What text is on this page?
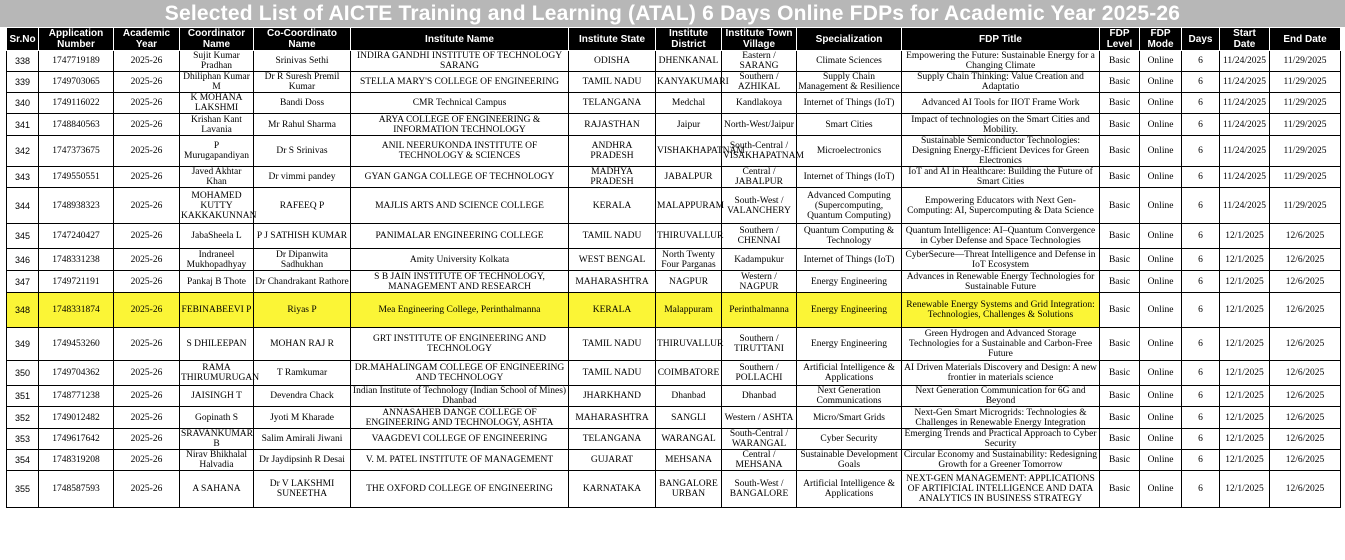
Selected List of AICTE Training and Learning (ATAL) 6 Days Online FDPs for Academic Year 2025-26
Sr.No	Application Number	Academic Year	Coordinator Name	Co-Coordinato Name	Institute Name	Institute State	Institute District	Institute Town Village	Specialization	FDP Title	FDP Level	FDP Mode	Days	Start Date	End Date
338	1747719189	2025-26	Sujit Kumar Pradhan	Srinivas Sethi	INDIRA GANDHI INSTITUTE OF TECHNOLOGY SARANG	ODISHA	DHENKANAL	Eastern / SARANG	Climate Sciences	Empowering the Future: Sustainable Energy for a Changing Climate	Basic	Online	6	11/24/2025	11/29/2025
339	1749703065	2025-26	Dhiliphan Kumar M	Dr R Suresh Premil Kumar	STELLA MARY'S COLLEGE OF ENGINEERING	TAMIL NADU	KANYAKUMARI	Southern / AZHIKAL	Supply Chain Management & Resilience	Supply Chain Thinking: Value Creation and Adaptatio	Basic	Online	6	11/24/2025	11/29/2025
340	1749116022	2025-26	K MOHANA LAKSHMI	Bandi Doss	CMR Technical Campus	TELANGANA	Medchal	Kandlakoya	Internet of Things (IoT)	Advanced AI Tools for IIOT Frame Work	Basic	Online	6	11/24/2025	11/29/2025
341	1748840563	2025-26	Krishan Kant Lavania	Mr Rahul Sharma	ARYA COLLEGE OF ENGINEERING & INFORMATION TECHNOLOGY	RAJASTHAN	Jaipur	North-West/Jaipur	Smart Cities	Impact of technologies on the Smart Cities and Mobility.	Basic	Online	6	11/24/2025	11/29/2025
342	1747373675	2025-26	P Murugapandiyan	Dr S Srinivas	ANIL NEERUKONDA INSTITUTE OF TECHNOLOGY & SCIENCES	ANDHRA PRADESH	VISHAKHAPATNAM	South-Central / VISAKHAPATNAM	Microelectronics	Sustainable Semiconductor Technologies: Designing Energy-Efficient Devices for Green Electronics	Basic	Online	6	11/24/2025	11/29/2025
343	1749550551	2025-26	Javed Akhtar Khan	Dr vimmi pandey	GYAN GANGA COLLEGE OF TECHNOLOGY	MADHYA PRADESH	JABALPUR	Central / JABALPUR	Internet of Things (IoT)	IoT and AI in Healthcare: Building the Future of Smart Cities	Basic	Online	6	11/24/2025	11/29/2025
344	1748938323	2025-26	MOHAMED KUTTY KAKKAKUNNAN	RAFEEQ P	MAJLIS ARTS AND SCIENCE COLLEGE	KERALA	MALAPPURAM	South-West / VALANCHERY	Advanced Computing (Supercomputing, Quantum Computing)	Empowering Educators with Next Gen-Computing: AI, Supercomputing & Data Science	Basic	Online	6	11/24/2025	11/29/2025
345	1747240427	2025-26	JabaSheela L	P J SATHISH KUMAR	PANIMALAR ENGINEERING COLLEGE	TAMIL NADU	THIRUVALLUR	Southern / CHENNAI	Quantum Computing & Technology	Quantum Intelligence: AI–Quantum Convergence in Cyber Defense and Space Technologies	Basic	Online	6	12/1/2025	12/6/2025
346	1748331238	2025-26	Indraneel Mukhopadhyay	Dr Dipanwita Sadhukhan	Amity University Kolkata	WEST BENGAL	North Twenty Four Parganas	Kadampukur	Internet of Things (IoT)	CyberSecure—Threat Intelligence and Defense in IoT Ecosystem	Basic	Online	6	12/1/2025	12/6/2025
347	1749721191	2025-26	Pankaj B Thote	Dr Chandrakant Rathore	S B JAIN INSTITUTE OF TECHNOLOGY, MANAGEMENT AND RESEARCH	MAHARASHTRA	NAGPUR	Western / NAGPUR	Energy Engineering	Advances in Renewable Energy Technologies for Sustainable Future	Basic	Online	6	12/1/2025	12/6/2025
348	1748331874	2025-26	FEBINABEEVI P	Riyas P	Mea Engineering College, Perinthalmanna	KERALA	Malappuram	Perinthalmanna	Energy Engineering	Renewable Energy Systems and Grid Integration: Technologies, Challenges & Solutions	Basic	Online	6	12/1/2025	12/6/2025
349	1749453260	2025-26	S DHILEEPAN	MOHAN RAJ R	GRT INSTITUTE OF ENGINEERING AND TECHNOLOGY	TAMIL NADU	THIRUVALLUR	Southern / TIRUTTANI	Energy Engineering	Green Hydrogen and Advanced Storage Technologies for a Sustainable and Carbon-Free Future	Basic	Online	6	12/1/2025	12/6/2025
350	1749704362	2025-26	RAMA THIRUMURUGAN	T Ramkumar	DR.MAHALINGAM COLLEGE OF ENGINEERING AND TECHNOLOGY	TAMIL NADU	COIMBATORE	Southern / POLLACHI	Artificial Intelligence & Applications	AI Driven Materials Discovery and Design: A new frontier in materials science	Basic	Online	6	12/1/2025	12/6/2025
351	1748771238	2025-26	JAISINGH T	Devendra Chack	Indian Institute of Technology (Indian School of Mines) Dhanbad	JHARKHAND	Dhanbad	Dhanbad	Next Generation Communications	Next Generation Communication for 6G and Beyond	Basic	Online	6	12/1/2025	12/6/2025
352	1749012482	2025-26	Gopinath S	Jyoti M Kharade	ANNASAHEB DANGE COLLEGE OF ENGINEERING AND TECHNOLOGY, ASHTA	MAHARASHTRA	SANGLI	Western / ASHTA	Micro/Smart Grids	Next-Gen Smart Microgrids: Technologies & Challenges in Renewable Energy Integration	Basic	Online	6	12/1/2025	12/6/2025
353	1749617642	2025-26	SRAVANKUMAR B	Salim Amirali Jiwani	VAAGDEVI COLLEGE OF ENGINEERING	TELANGANA	WARANGAL	South-Central / WARANGAL	Cyber Security	Emerging Trends and Practical Approach to Cyber Security	Basic	Online	6	12/1/2025	12/6/2025
354	1748319208	2025-26	Nirav Bhikhalal Halvadia	Dr Jaydipsinh R Desai	V. M. PATEL INSTITUTE OF MANAGEMENT	GUJARAT	MEHSANA	Central / MEHSANA	Sustainable Development Goals	Circular Economy and Sustainability: Redesigning Growth for a Greener Tomorrow	Basic	Online	6	12/1/2025	12/6/2025
355	1748587593	2025-26	A SAHANA	Dr V LAKSHMI SUNEETHA	THE OXFORD COLLEGE OF ENGINEERING	KARNATAKA	BANGALORE URBAN	South-West / BANGALORE	Artificial Intelligence & Applications	NEXT-GEN MANAGEMENT: APPLICATIONS OF ARTIFICIAL INTELLIGENCE AND DATA ANALYTICS IN BUSINESS STRATEGY	Basic	Online	6	12/1/2025	12/6/2025
